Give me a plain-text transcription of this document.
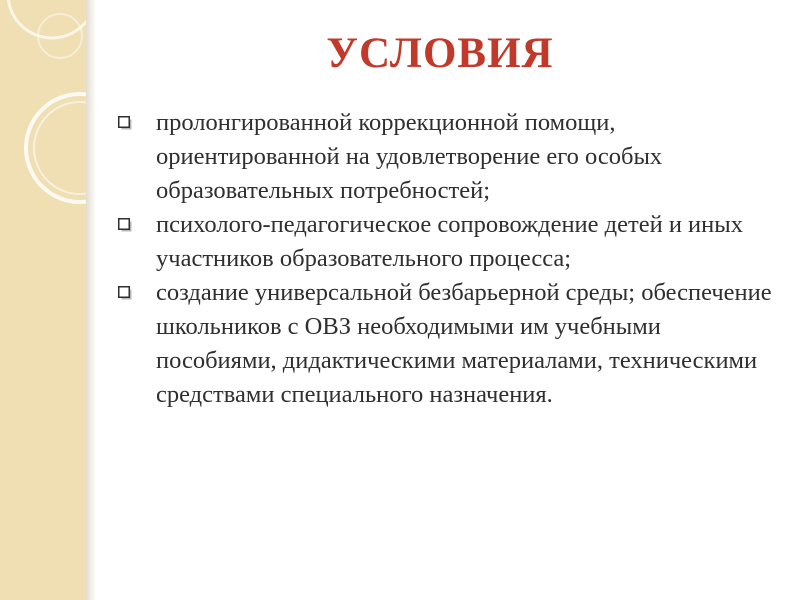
УСЛОВИЯ
пролонгированной коррекционной помощи, ориентированной на удовлетворение его особых образовательных потребностей;
психолого-педагогическое сопровождение детей и иных участников образовательного процесса;
создание универсальной безбарьерной среды; обеспечение школьников с ОВЗ необходимыми им учебными пособиями, дидактическими материалами, техническими средствами специального назначения.
